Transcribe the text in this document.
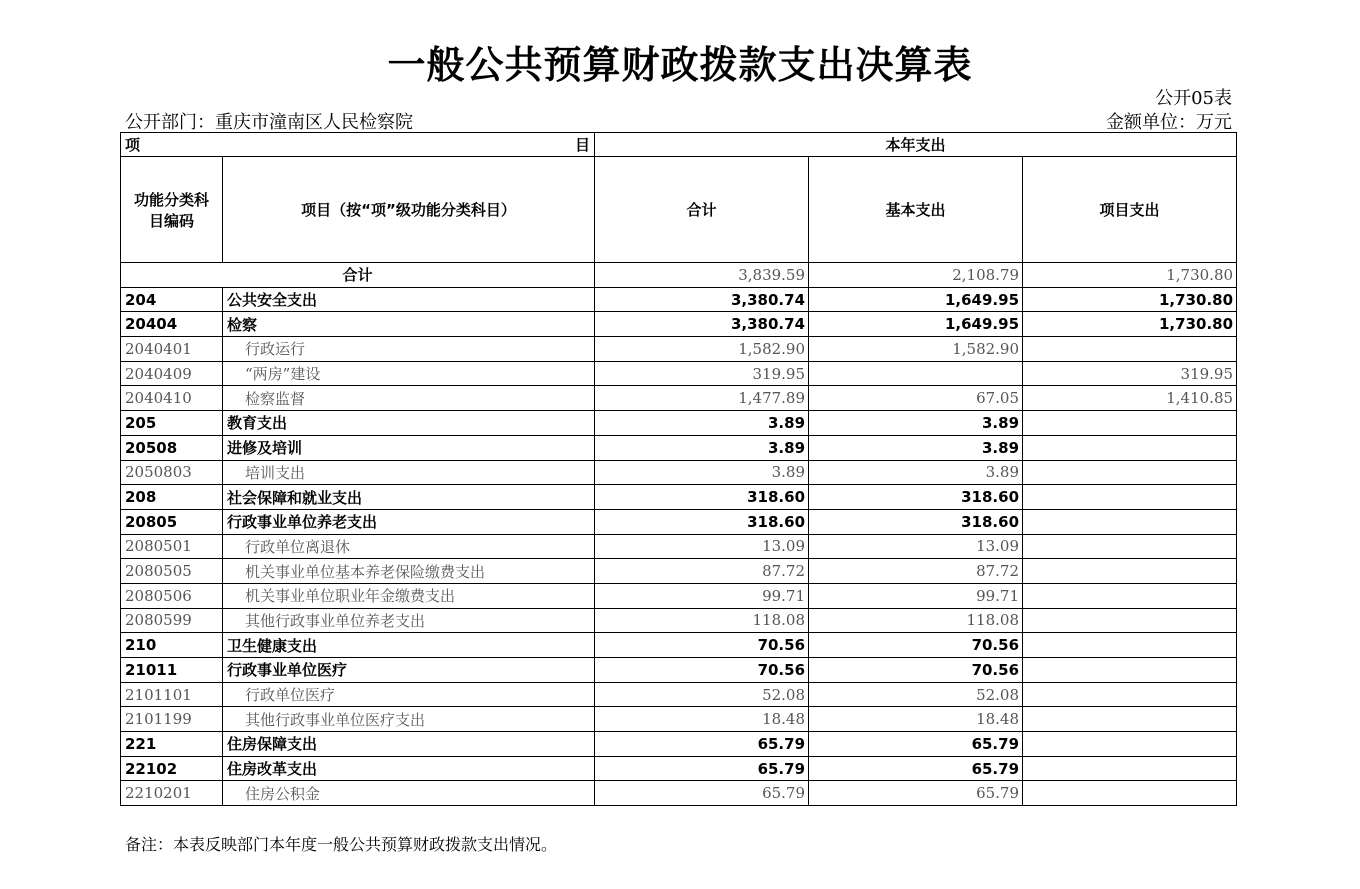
一般公共预算财政拨款支出决算表
公开05表
公开部门：重庆市潼南区人民检察院	金额单位：万元
项 目		本年支出		
功能分类科目编码	项目（按“项”级功能分类科目）	合计	基本支出	项目支出
合计		3,839.59	2,108.79	1,730.80
204	公共安全支出	3,380.74	1,649.95	1,730.80
20404	检察	3,380.74	1,649.95	1,730.80
2040401	行政运行	1,582.90	1,582.90	
2040409	“两房”建设	319.95		319.95
2040410	检察监督	1,477.89	67.05	1,410.85
205	教育支出	3.89	3.89	
20508	进修及培训	3.89	3.89	
2050803	培训支出	3.89	3.89	
208	社会保障和就业支出	318.60	318.60	
20805	行政事业单位养老支出	318.60	318.60	
2080501	行政单位离退休	13.09	13.09	
2080505	机关事业单位基本养老保险缴费支出	87.72	87.72	
2080506	机关事业单位职业年金缴费支出	99.71	99.71	
2080599	其他行政事业单位养老支出	118.08	118.08	
210	卫生健康支出	70.56	70.56	
21011	行政事业单位医疗	70.56	70.56	
2101101	行政单位医疗	52.08	52.08	
2101199	其他行政事业单位医疗支出	18.48	18.48	
221	住房保障支出	65.79	65.79	
22102	住房改革支出	65.79	65.79	
2210201	住房公积金	65.79	65.79	
备注：本表反映部门本年度一般公共预算财政拨款支出情况。
